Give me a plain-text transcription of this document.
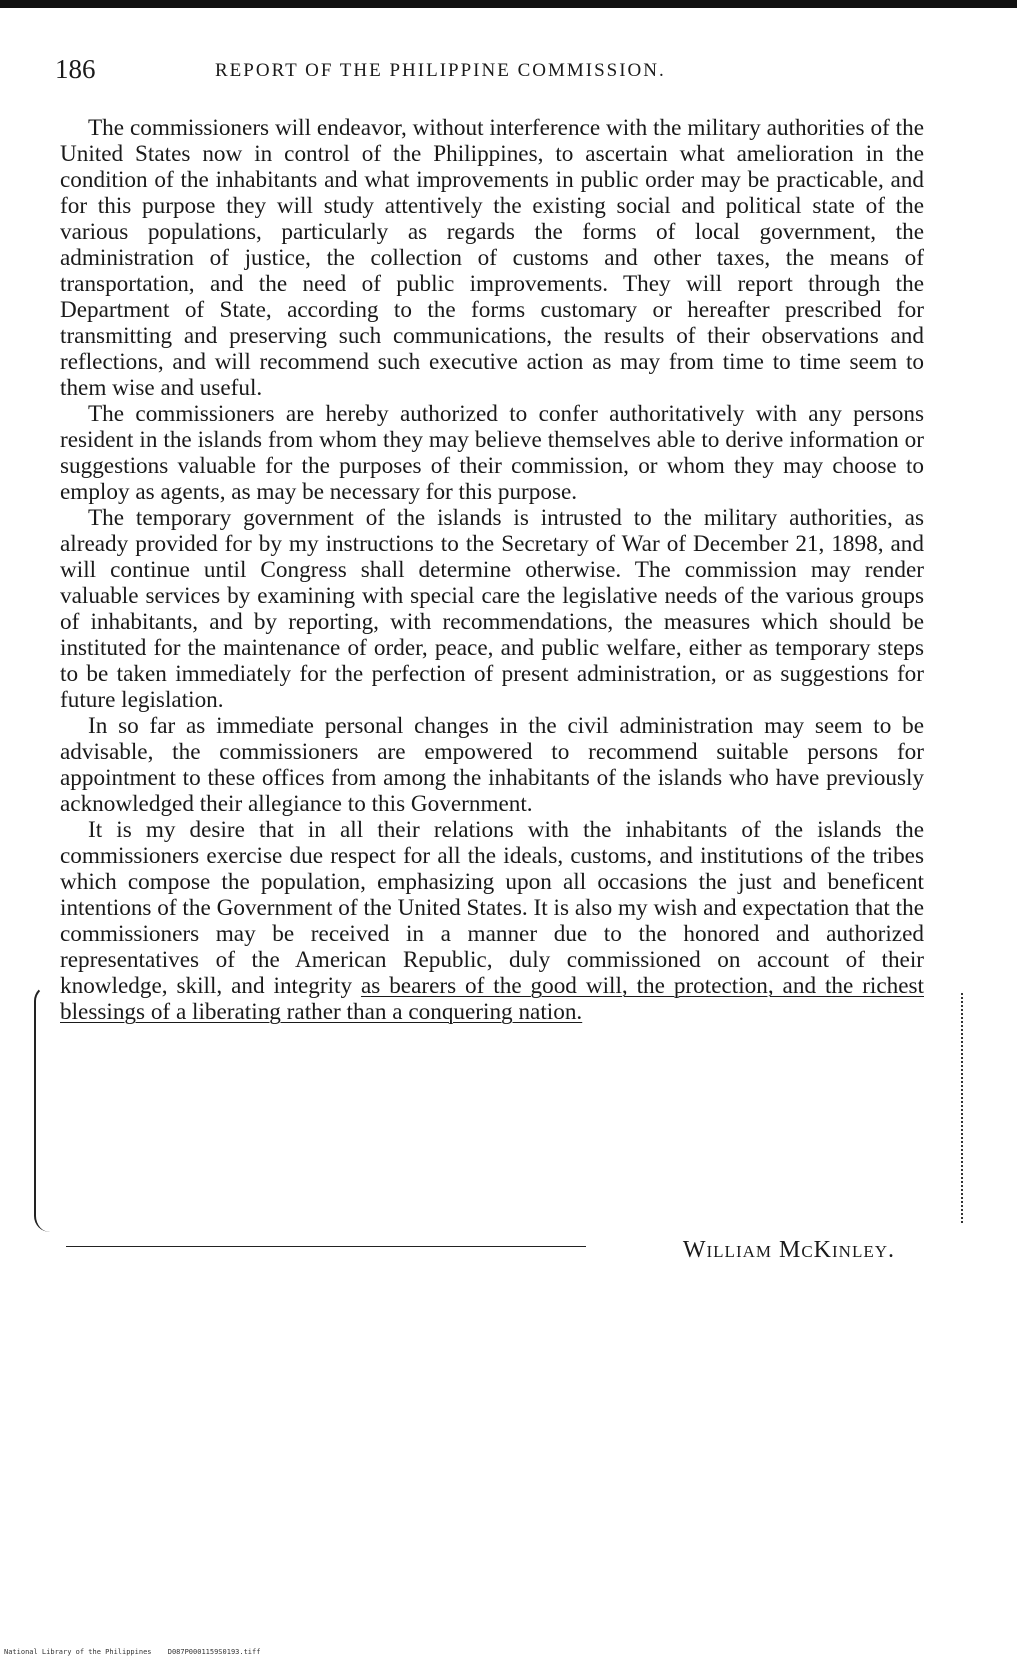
186	REPORT OF THE PHILIPPINE COMMISSION.

The commissioners will endeavor, without interference with the military authorities of the United States now in control of the Philippines, to ascertain what amelioration in the condition of the inhabitants and what improvements in public order may be practicable, and for this purpose they will study attentively the existing social and political state of the various populations, particularly as regards the forms of local government, the administration of justice, the collection of customs and other taxes, the means of transportation, and the need of public improvements. They will report through the Department of State, according to the forms customary or hereafter prescribed for transmitting and preserving such communications, the results of their observations and reflections, and will recommend such executive action as may from time to time seem to them wise and useful.

The commissioners are hereby authorized to confer authoritatively with any persons resident in the islands from whom they may believe themselves able to derive information or suggestions valuable for the purposes of their commission, or whom they may choose to employ as agents, as may be necessary for this purpose.

The temporary government of the islands is intrusted to the military authorities, as already provided for by my instructions to the Secretary of War of December 21, 1898, and will continue until Congress shall determine otherwise. The commission may render valuable services by examining with special care the legislative needs of the various groups of inhabitants, and by reporting, with recommendations, the measures which should be instituted for the maintenance of order, peace, and public welfare, either as temporary steps to be taken immediately for the perfection of present administration, or as suggestions for future legislation.

In so far as immediate personal changes in the civil administration may seem to be advisable, the commissioners are empowered to recommend suitable persons for appointment to these offices from among the inhabitants of the islands who have previously acknowledged their allegiance to this Government.

It is my desire that in all their relations with the inhabitants of the islands the commissioners exercise due respect for all the ideals, customs, and institutions of the tribes which compose the population, emphasizing upon all occasions the just and beneficent intentions of the Government of the United States. It is also my wish and expectation that the commissioners may be received in a manner due to the honored and authorized representatives of the American Republic, duly commissioned on account of their knowledge, skill, and integrity as bearers of the good will, the protection, and the richest blessings of a liberating rather than a conquering nation.

William McKinley.
National Library of the Philippines D087P0001159S0193.tiff
